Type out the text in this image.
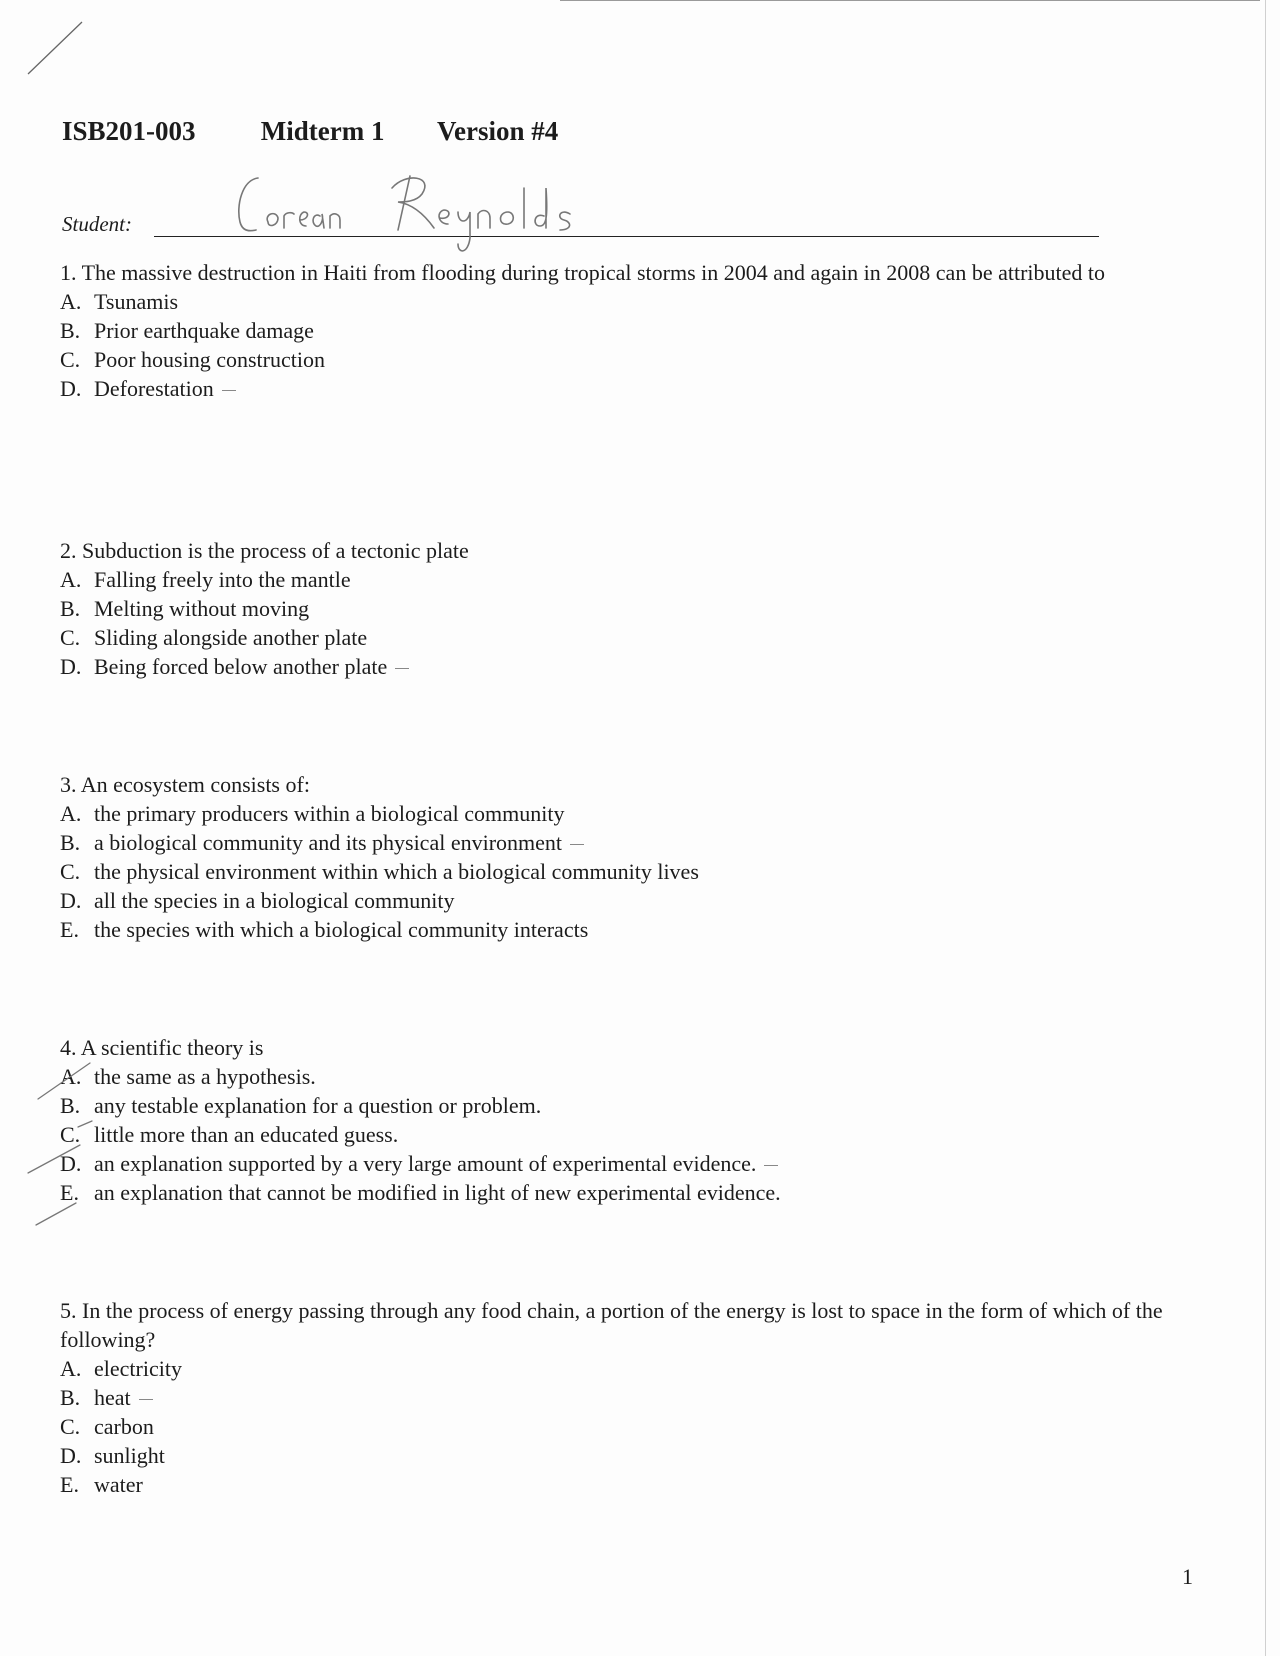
ISB201-003 Midterm 1 Version #4
Student:

1. The massive destruction in Haiti from flooding during tropical storms in 2004 and again in 2008 can be attributed to

A. Tsunamis
B. Prior earthquake damage
C. Poor housing construction
D. Deforestation

2. Subduction is the process of a tectonic plate

A. Falling freely into the mantle
B. Melting without moving
C. Sliding alongside another plate
D. Being forced below another plate

3. An ecosystem consists of:

A. the primary producers within a biological community
B. a biological community and its physical environment
C. the physical environment within which a biological community lives
D. all the species in a biological community
E. the species with which a biological community interacts

4. A scientific theory is

A. the same as a hypothesis.
B. any testable explanation for a question or problem.
C. little more than an educated guess.
D. an explanation supported by a very large amount of experimental evidence.
E. an explanation that cannot be modified in light of new experimental evidence.

5. In the process of energy passing through any food chain, a portion of the energy is lost to space in the form of which of the following?

A. electricity
B. heat
C. carbon
D. sunlight
E. water
1
